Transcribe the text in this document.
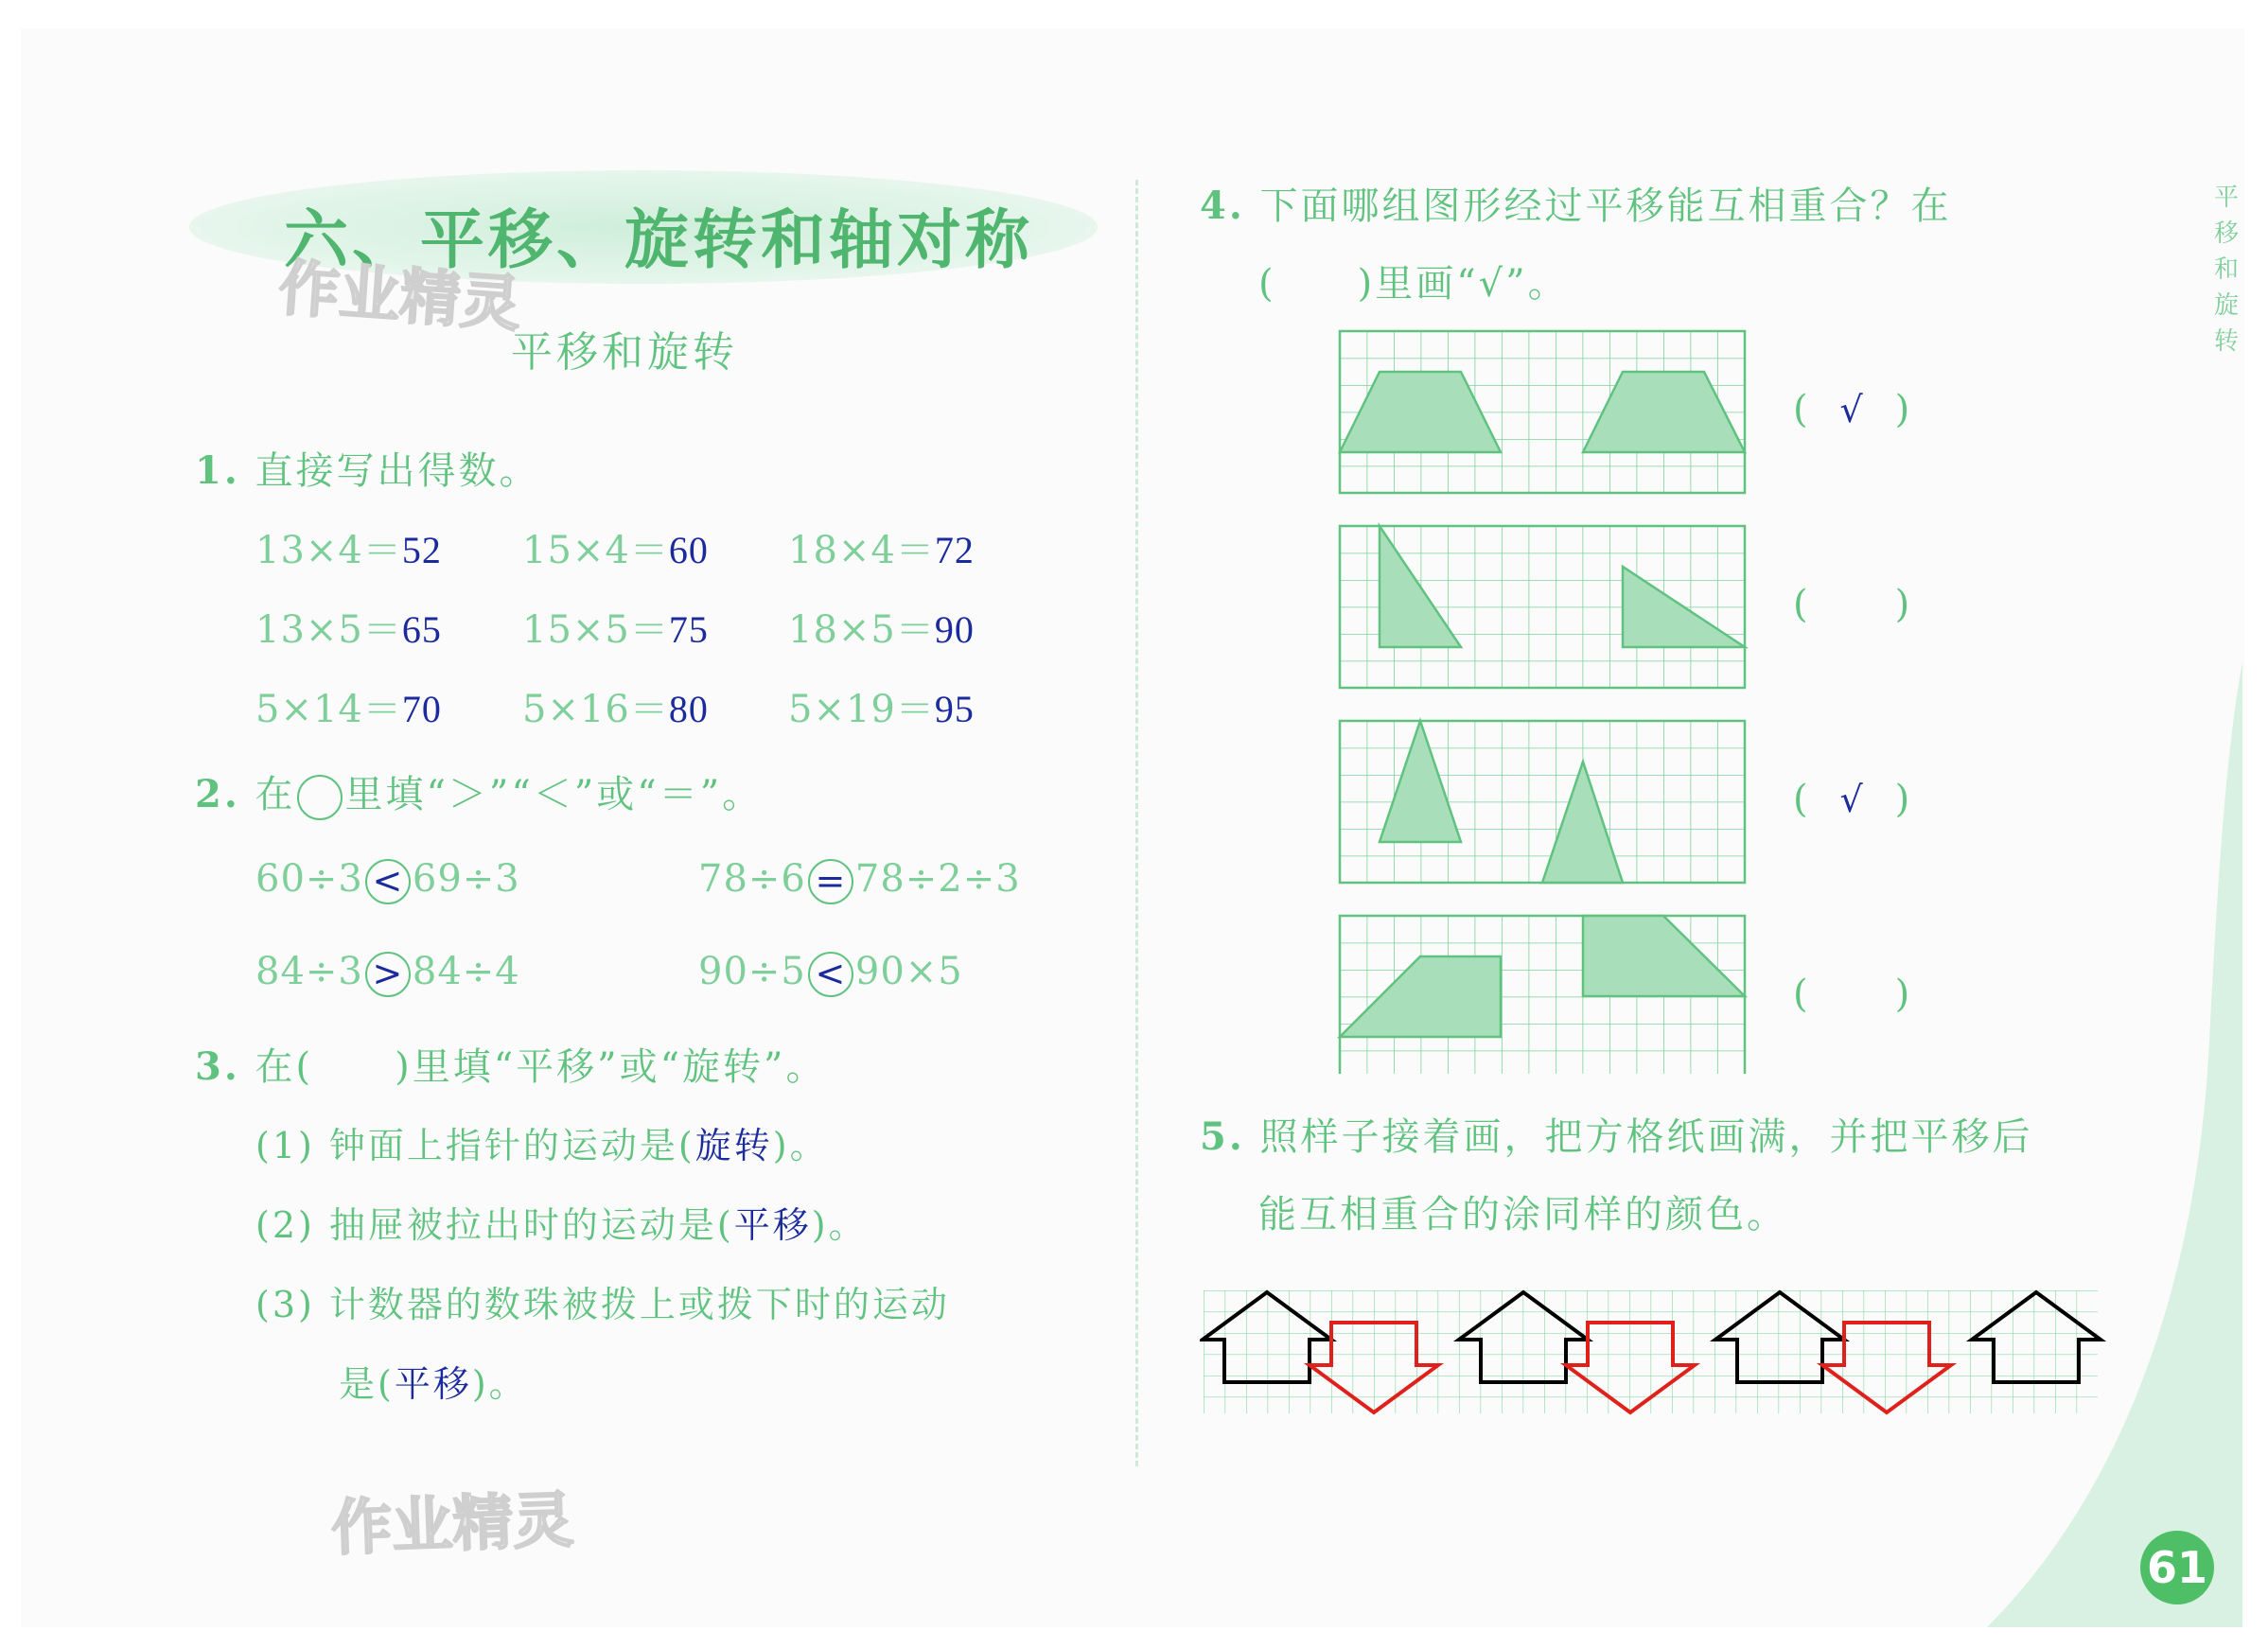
六、平移、旋转和轴对称
作业精灵
平移和旋转
1. 直接写出得数。
13×4＝52 15×4＝60 18×4＝72
13×5＝65 15×5＝75 18×5＝90
5×14＝70 5×16＝80 5×19＝95
2. 在 里填“＞”“＜”或“＝”。
60÷3 < 69÷3	78÷6 = 78÷2÷3
84÷3 > 84÷4	90÷5 < 90×5
3. 在(　　)里填“平移”或“旋转”。
(1) 钟面上指针的运动是(旋转)。
(2) 抽屉被拉出时的运动是(平移)。
(3) 计数器的数珠被拨上或拨下时的运动
是(平移)。
作业精灵
4. 下面哪组图形经过平移能互相重合？在
(　　)里画“√”。
( √ )
( )
( √ )
( )
5. 照样子接着画，把方格纸画满，并把平移后
能互相重合的涂同样的颜色。
平移和旋转
61
